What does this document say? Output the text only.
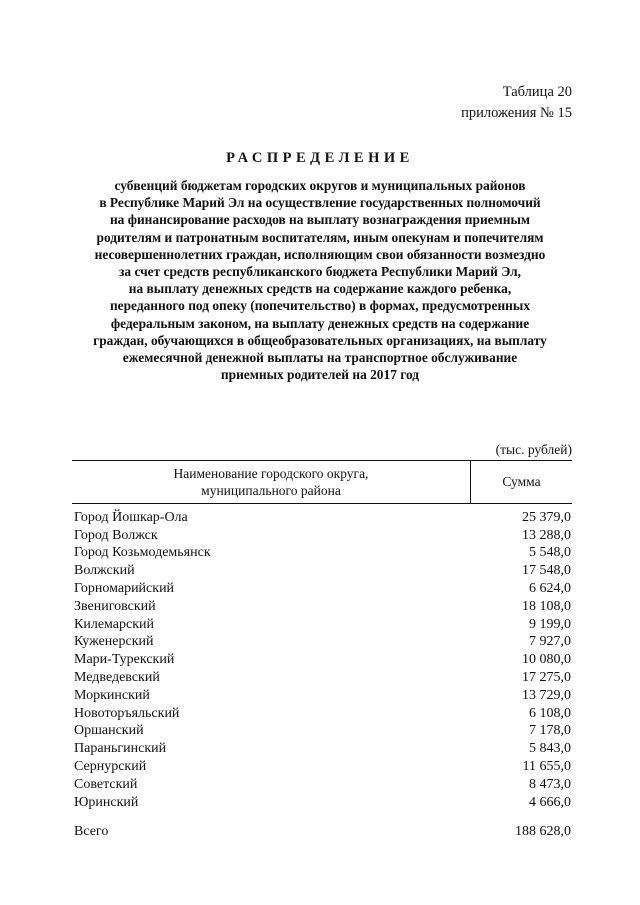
Таблица 20
приложения № 15
РАСПРЕДЕЛЕНИЕ
субвенций бюджетам городских округов и муниципальных районов
в Республике Марий Эл на осуществление государственных полномочий
на финансирование расходов на выплату вознаграждения приемным
родителям и патронатным воспитателям, иным опекунам и попечителям
несовершеннолетних граждан, исполняющим свои обязанности возмездно
за счет средств республиканского бюджета Республики Марий Эл,
на выплату денежных средств на содержание каждого ребенка,
переданного под опеку (попечительство) в формах, предусмотренных
федеральным законом, на выплату денежных средств на содержание
граждан, обучающихся в общеобразовательных организациях, на выплату
ежемесячной денежной выплаты на транспортное обслуживание
приемных родителей на 2017 год
(тыс. рублей)
Наименование городского округа,
муниципального района
Сумма
Город Йошкар-Ола	25 379,0
Город Волжск	13 288,0
Город Козьмодемьянск	5 548,0
Волжский	17 548,0
Горномарийский	6 624,0
Звениговский	18 108,0
Килемарский	9 199,0
Куженерский	7 927,0
Мари-Турекский	10 080,0
Медведевский	17 275,0
Моркинский	13 729,0
Новоторъяльский	6 108,0
Оршанский	7 178,0
Параньгинский	5 843,0
Сернурский	11 655,0
Советский	8 473,0
Юринский	4 666,0
Всего	188 628,0
